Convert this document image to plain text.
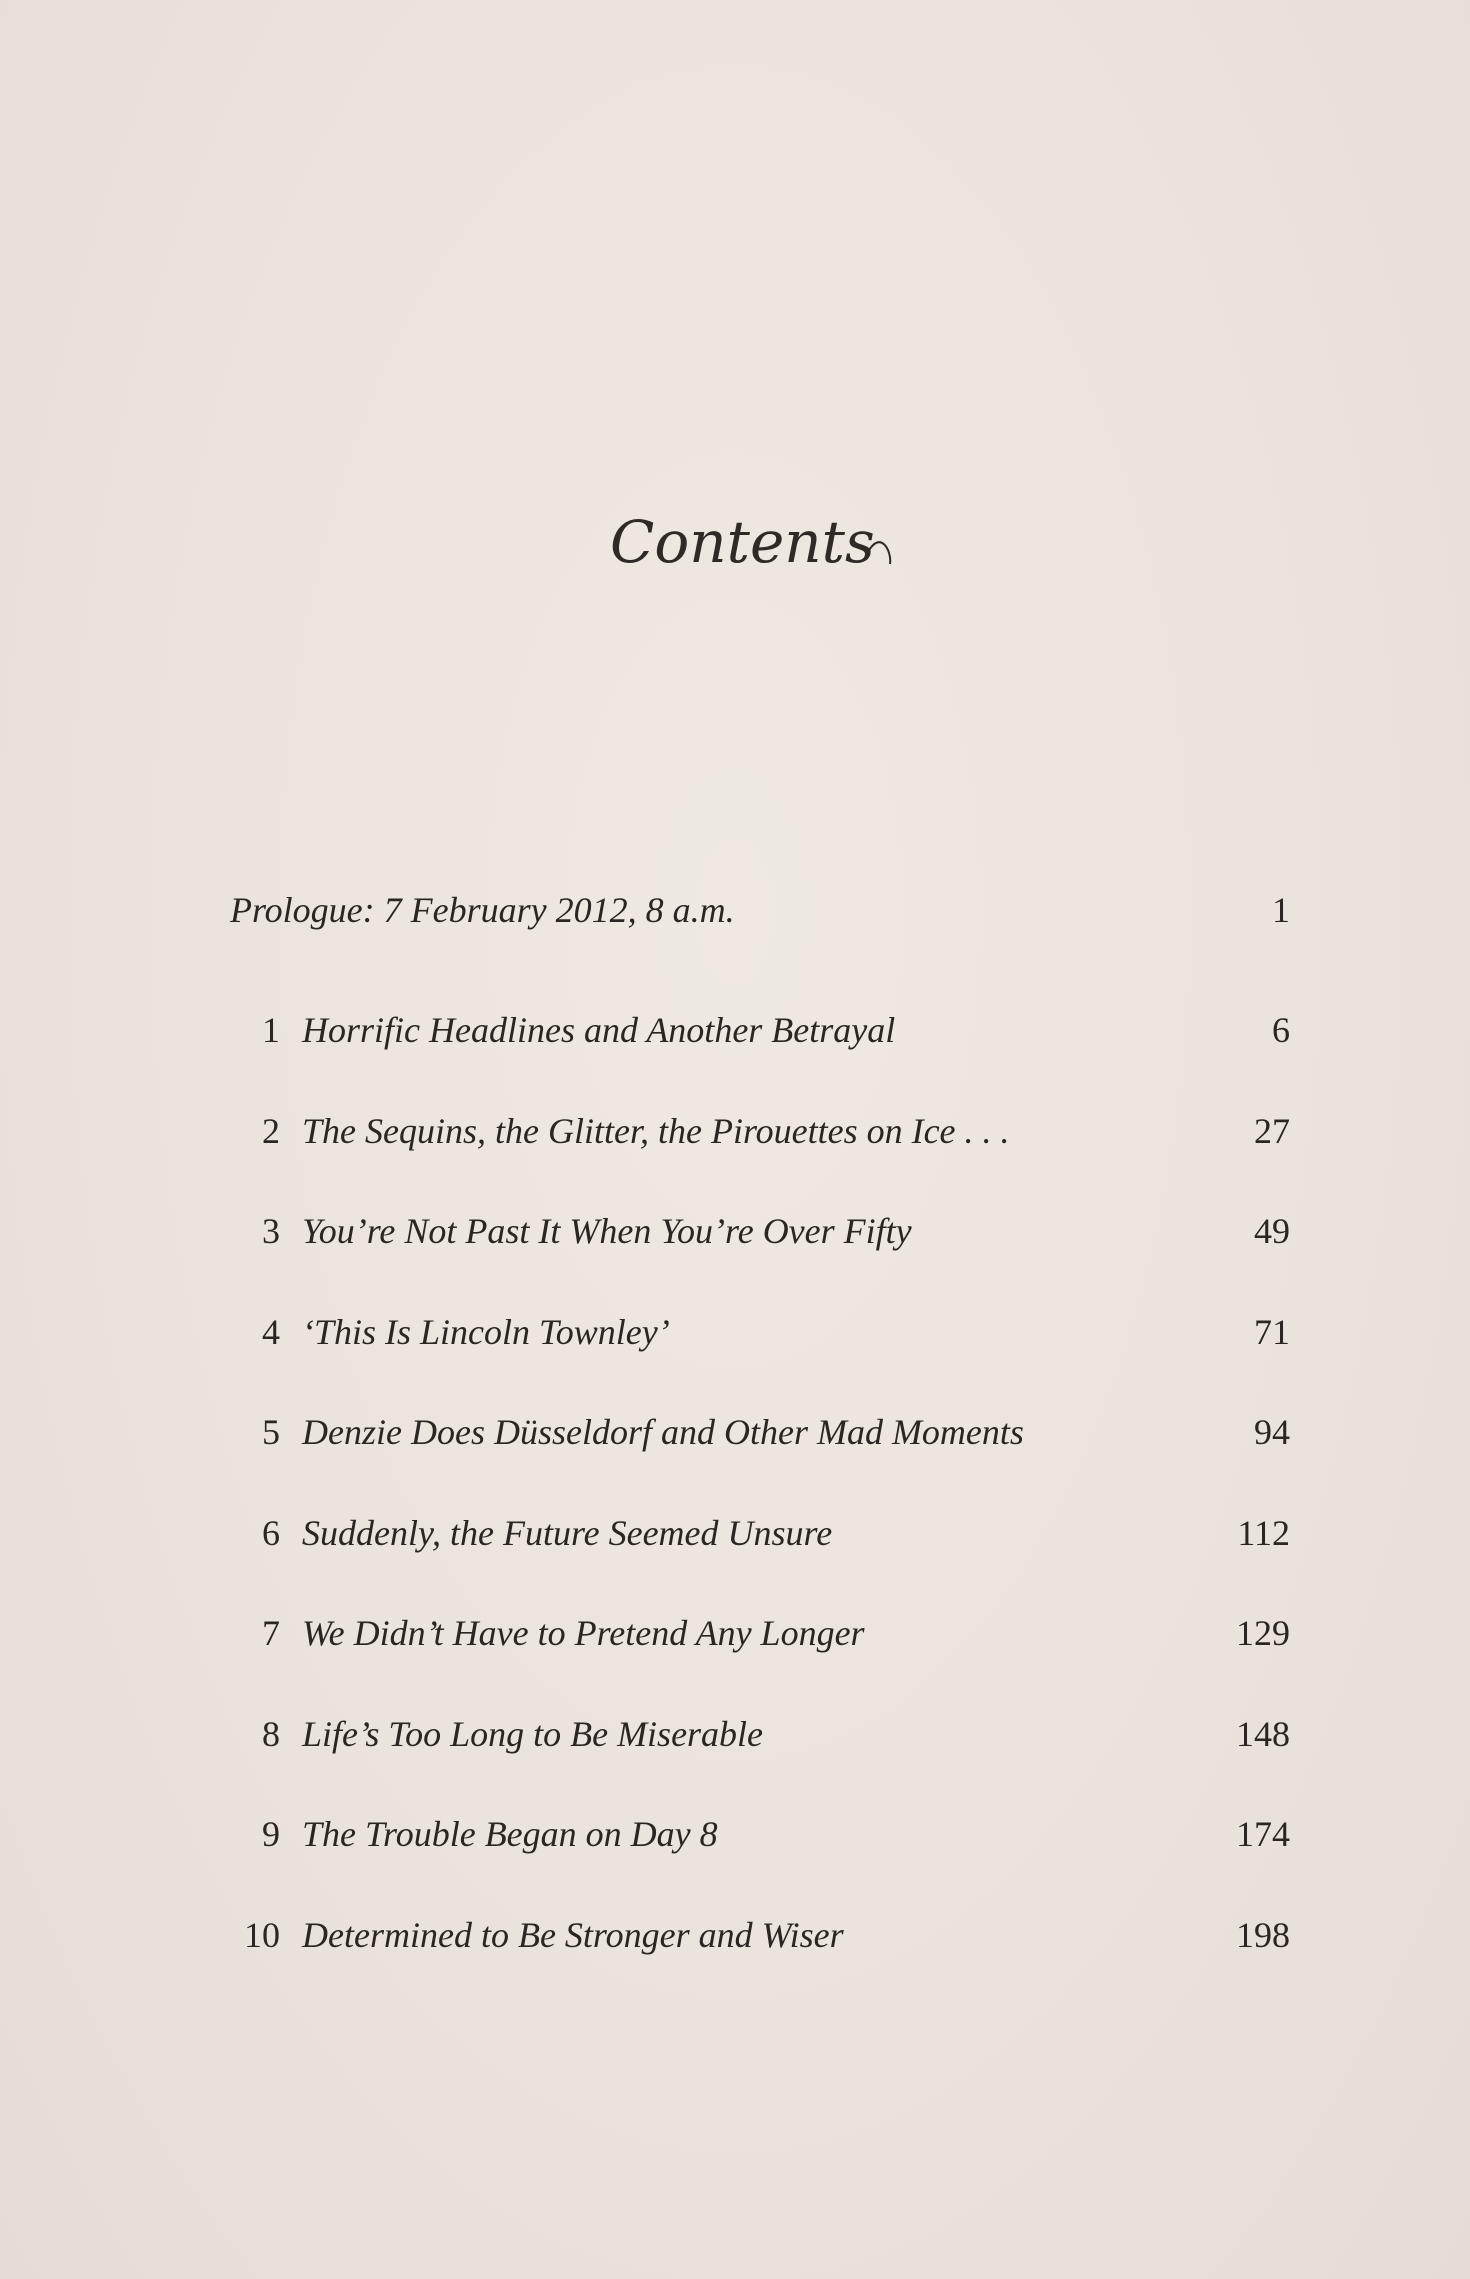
Contents
Prologue: 7 February 2012, 8 a.m.	1
1 Horrific Headlines and Another Betrayal	6
2 The Sequins, the Glitter, the Pirouettes on Ice . . .	27
3 You’re Not Past It When You’re Over Fifty	49
4 ‘This Is Lincoln Townley’	71
5 Denzie Does Düsseldorf and Other Mad Moments	94
6 Suddenly, the Future Seemed Unsure	112
7 We Didn’t Have to Pretend Any Longer	129
8 Life’s Too Long to Be Miserable	148
9 The Trouble Began on Day 8	174
10 Determined to Be Stronger and Wiser	198
